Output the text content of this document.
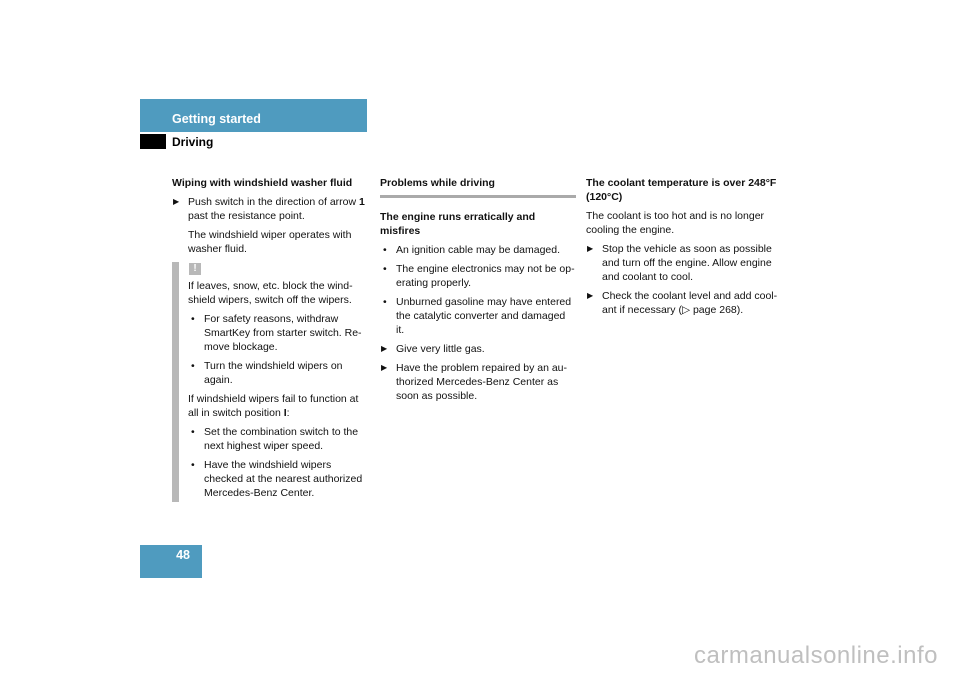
Getting started
Driving
Wiping with windshield washer fluid
▶ Push switch in the direction of arrow 1 past the resistance point.
The windshield wiper operates with washer fluid.
!
If leaves, snow, etc. block the wind-shield wipers, switch off the wipers.
• For safety reasons, withdraw SmartKey from starter switch. Re-move blockage.
• Turn the windshield wipers on again.
If windshield wipers fail to function at all in switch position I:
• Set the combination switch to the next highest wiper speed.
• Have the windshield wipers checked at the nearest authorized Mercedes-Benz Center.
Problems while driving
The engine runs erratically and misfires
• An ignition cable may be damaged.
• The engine electronics may not be op-erating properly.
• Unburned gasoline may have entered the catalytic converter and damaged it.
▶ Give very little gas.
▶ Have the problem repaired by an au-thorized Mercedes-Benz Center as soon as possible.
The coolant temperature is over 248°F (120°C)
The coolant is too hot and is no longer cooling the engine.
▶ Stop the vehicle as soon as possible and turn off the engine. Allow engine and coolant to cool.
▶ Check the coolant level and add cool-ant if necessary (▷ page 268).
48
carmanualsonline.info
